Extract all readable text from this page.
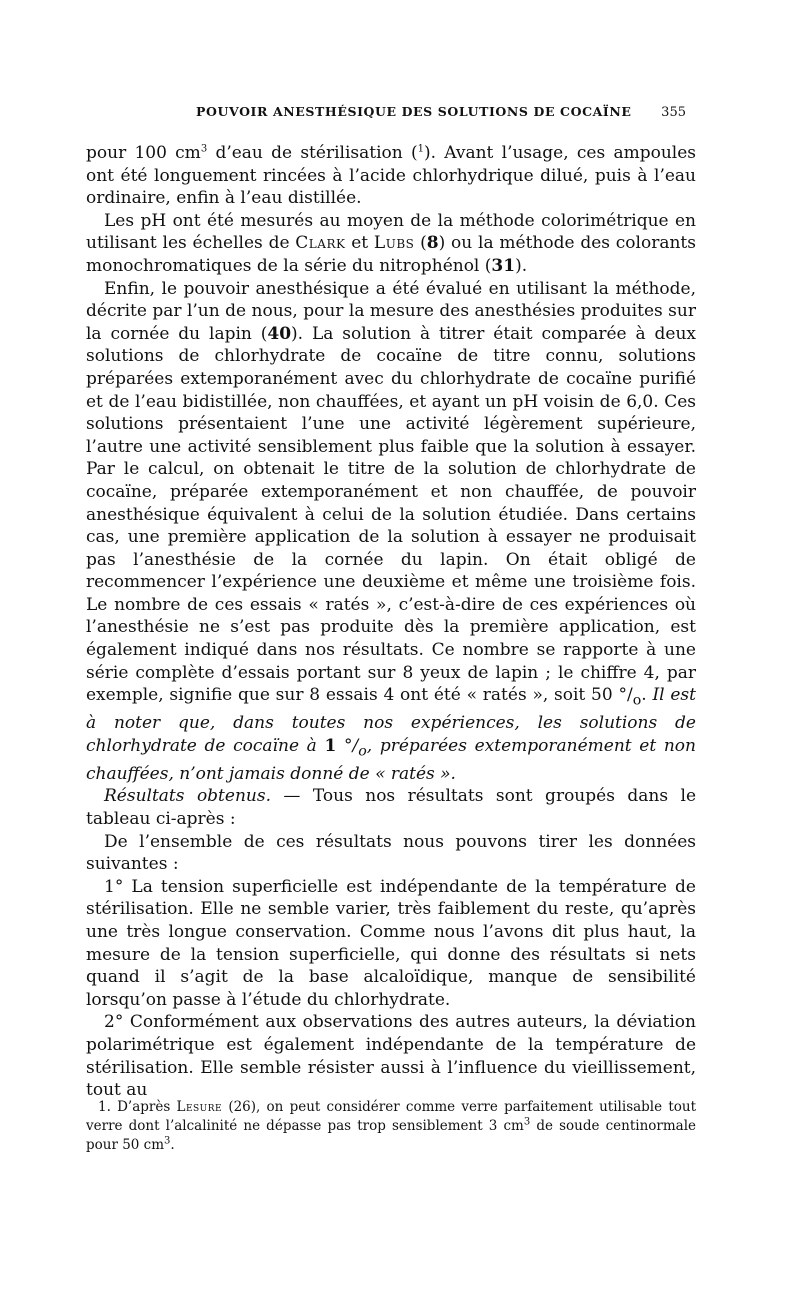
POUVOIR ANESTHÉSIQUE DES SOLUTIONS DE COCAÏNE 355

pour 100 $cm^3$ d’eau de stérilisation ($^1$). Avant l’usage, ces ampoules ont été longuement rincées à l’acide chlorhydrique dilué, puis à l’eau ordinaire, enfin à l’eau distillée.

Les pH ont été mesurés au moyen de la méthode colorimétrique en utilisant les échelles de Clark et Lubs (8) ou la méthode des colorants monochromatiques de la série du nitrophénol (31).

Enfin, le pouvoir anesthésique a été évalué en utilisant la méthode, décrite par l’un de nous, pour la mesure des anesthésies produites sur la cornée du lapin (40). La solution à titrer était comparée à deux solutions de chlorhydrate de cocaïne de titre connu, solutions préparées extemporanément avec du chlorhydrate de cocaïne purifié et de l’eau bidistillée, non chauffées, et ayant un pH voisin de 6,0. Ces solutions présentaient l’une une activité légèrement supérieure, l’autre une activité sensiblement plus faible que la solution à essayer. Par le calcul, on obtenait le titre de la solution de chlorhydrate de cocaïne, préparée extemporanément et non chauffée, de pouvoir anesthésique équivalent à celui de la solution étudiée. Dans certains cas, une première application de la solution à essayer ne produisait pas l’anesthésie de la cornée du lapin. On était obligé de recommencer l’expérience une deuxième et même une troisième fois. Le nombre de ces essais « ratés », c’est-à-dire de ces expériences où l’anesthésie ne s’est pas produite dès la première application, est également indiqué dans nos résultats. Ce nombre se rapporte à une série complète d’essais portant sur 8 yeux de lapin ; le chiffre 4, par exemple, signifie que sur 8 essais 4 ont été « ratés », soit 50 $^\circ/_o$. Il est à noter que, dans toutes nos expériences, les solutions de chlorhydrate de cocaïne à 1 $^\circ/_o$, préparées extemporanément et non chauffées, n’ont jamais donné de « ratés ».

Résultats obtenus. — Tous nos résultats sont groupés dans le tableau ci-après :

De l’ensemble de ces résultats nous pouvons tirer les données suivantes :

1° La tension superficielle est indépendante de la température de stérilisation. Elle ne semble varier, très faiblement du reste, qu’après une très longue conservation. Comme nous l’avons dit plus haut, la mesure de la tension superficielle, qui donne des résultats si nets quand il s’agit de la base alcaloïdique, manque de sensibilité lorsqu’on passe à l’étude du chlorhydrate.

2° Conformément aux observations des autres auteurs, la déviation polarimétrique est également indépendante de la température de stérilisation. Elle semble résister aussi à l’influence du vieillissement, tout au

1. D’après Lesure (26), on peut considérer comme verre parfaitement utilisable tout verre dont l’alcalinité ne dépasse pas trop sensiblement 3 $cm^3$ de soude centinormale pour 50 $cm^3$.
